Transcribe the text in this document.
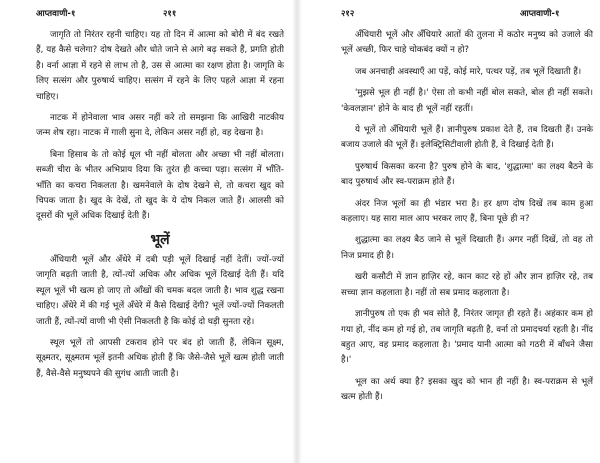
आप्तवाणी-१	२११

जागृति तो निरंतर रहनी चाहिए। यह तो दिन में आत्मा को बोरी में बंद रखते हैं, यह कैसे चलेगा? दोष देखते और धोते जाने से आगे बढ़ सकते हैं, प्रगति होती है। वर्ना आज्ञा में रहने से लाभ तो है, उस से आत्मा का रक्षण होता है। जागृति के लिए सत्संग और पुरुषार्थ चाहिए। सत्संग में रहने के लिए पहले आज्ञा में रहना चाहिए।

नाटक में होनेवाला भाव असर नहीं करे तो समझना कि आखिरी नाटकीय जन्म शेष रहा। नाटक में गाली सुना दे, लेकिन असर नहीं हो, वह देखना है।

बिना हिसाब के तो कोई धूल भी नहीं बोलता और अच्छा भी नहीं बोलता। सब्जी चीरा के भीतर अभिप्राय दिया कि तुरंत ही कच्चा पड़ा। सत्संग में भाँति-भाँति का कचरा निकलता है। खमनेवाले के दोष देखने से, तो कचरा खुद को चिपक जाता है। खुद के देखें, तो खुद के ये दोष निकल जाते हैं। आलसी को दूसरों की भूलें अधिक दिखाई देती हैं।

भूलें

अँधियारी भूलें और अँधेरे में दबी पड़ी भूलें दिखाई नहीं देतीं। ज्यों-ज्यों जागृति बढ़ती जाती है, त्यों-त्यों अधिक और अधिक भूलें दिखाई देती हैं। यदि स्थूल भूलें भी खत्म हो जाए तो आँखों की चमक बदल जाती है। भाव शुद्ध रखना चाहिए। अँधेरे में की गई भूलें अँधेरे में कैसे दिखाई देंगी? भूलें ज्यों-ज्यों निकलती जाती हैं, त्यों-त्यों वाणी भी ऐसी निकलती है कि कोई दो घड़ी सुनता रहे।

स्थूल भूलें तो आपसी टकराव होने पर बंद हो जाती हैं, लेकिन सूक्ष्म, सूक्ष्मतर, सूक्ष्मतम भूलें इतनी अधिक होती हैं कि जैसे-जैसे भूलें खत्म होती जाती हैं, वैसे-वैसे मनुष्यपने की सुगंध आती जाती है।

२१२	आप्तवाणी-१

अँधियारी भूलें और अँधियारे आतों की तुलना में कठोर मनुष्य को उजाले की भूलें अच्छी, फिर चाहे चोकबंद क्यों न हो?

जब अनचाही अवस्थाएँ आ पड़ें, कोई मारे, पत्थर पड़ें, तब भूलें दिखाती हैं।

'मुझसे भूल ही नहीं है।' ऐसा तो कभी नहीं बोल सकते, बोल ही नहीं सकते। 'केवलज्ञान' होने के बाद ही भूलें नहीं रहतीं।

ये भूलें तो अँधियारी भूलें हैं। ज्ञानीपुरुष प्रकाश देते हैं, तब दिखती हैं। उनके बजाय उजाले की भूलें हैं। इलेक्ट्रिसिटीवाली होती हैं, वे दिखाई देती हैं।

पुरुषार्थ किसका करना है? पुरुष होने के बाद, 'शुद्धात्मा' का लक्ष्य बैठने के बाद पुरुषार्थ और स्व-पराक्रम होते हैं।

अंदर निज भूलों का ही भंडार भरा है। हर क्षण दोष दिखें तब काम हुआ कहलाए। यह सारा माल आप भरकर लाए हैं, बिना पूछे ही न?

शुद्धात्मा का लक्ष्य बैठ जाने से भूलें दिखाती हैं। अगर नहीं दिखें, तो वह तो निज प्रमाद ही है।

खरी कसौटी में ज्ञान हाज़िर रहे, कान काट रहे हों और ज्ञान हाज़िर रहे, तब सच्चा ज्ञान कहलाता है। नहीं तो सब प्रमाद कहलाता है।

ज्ञानीपुरुष तो एक ही भव सोते हैं, निरंतर जागृत ही रहते हैं। अहंकार कम हो गया हो, नींद कम हो गई हो, तब जागृति बढ़ती है, वर्ना तो प्रमादचर्या रहती है। नींद बहुत आए, वह प्रमाद कहलाता है। 'प्रमाद यानी आत्मा को गठरी में बाँधने जैसा है।'

भूल का अर्थ क्या है? इसका खुद को भान ही नहीं है। स्व-पराक्रम से भूलें खत्म होती हैं।
